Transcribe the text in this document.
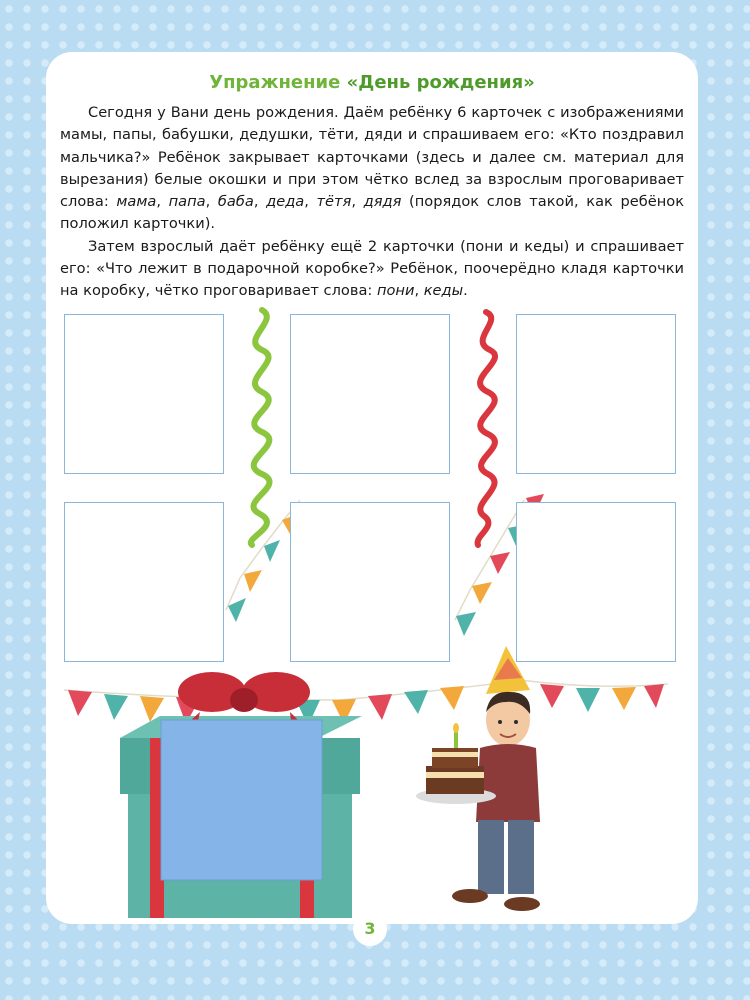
Упражнение «День рождения»

Сегодня у Вани день рождения. Даём ребёнку 6 карточек с изображениями мамы, папы, бабушки, дедушки, тёти, дяди и спрашиваем его: «Кто поздравил мальчика?» Ребёнок закрывает карточками (здесь и далее см. материал для вырезания) белые окошки и при этом чётко вслед за взрослым проговаривает слова: мама, папа, баба, деда, тётя, дядя (порядок слов такой, как ребёнок положил карточки).

Затем взрослый даёт ребёнку ещё 2 карточки (пони и кеды) и спрашивает его: «Что лежит в подарочной коробке?» Ребёнок, поочерёдно кладя карточки на коробку, чётко проговаривает слова: пони, кеды.

3
